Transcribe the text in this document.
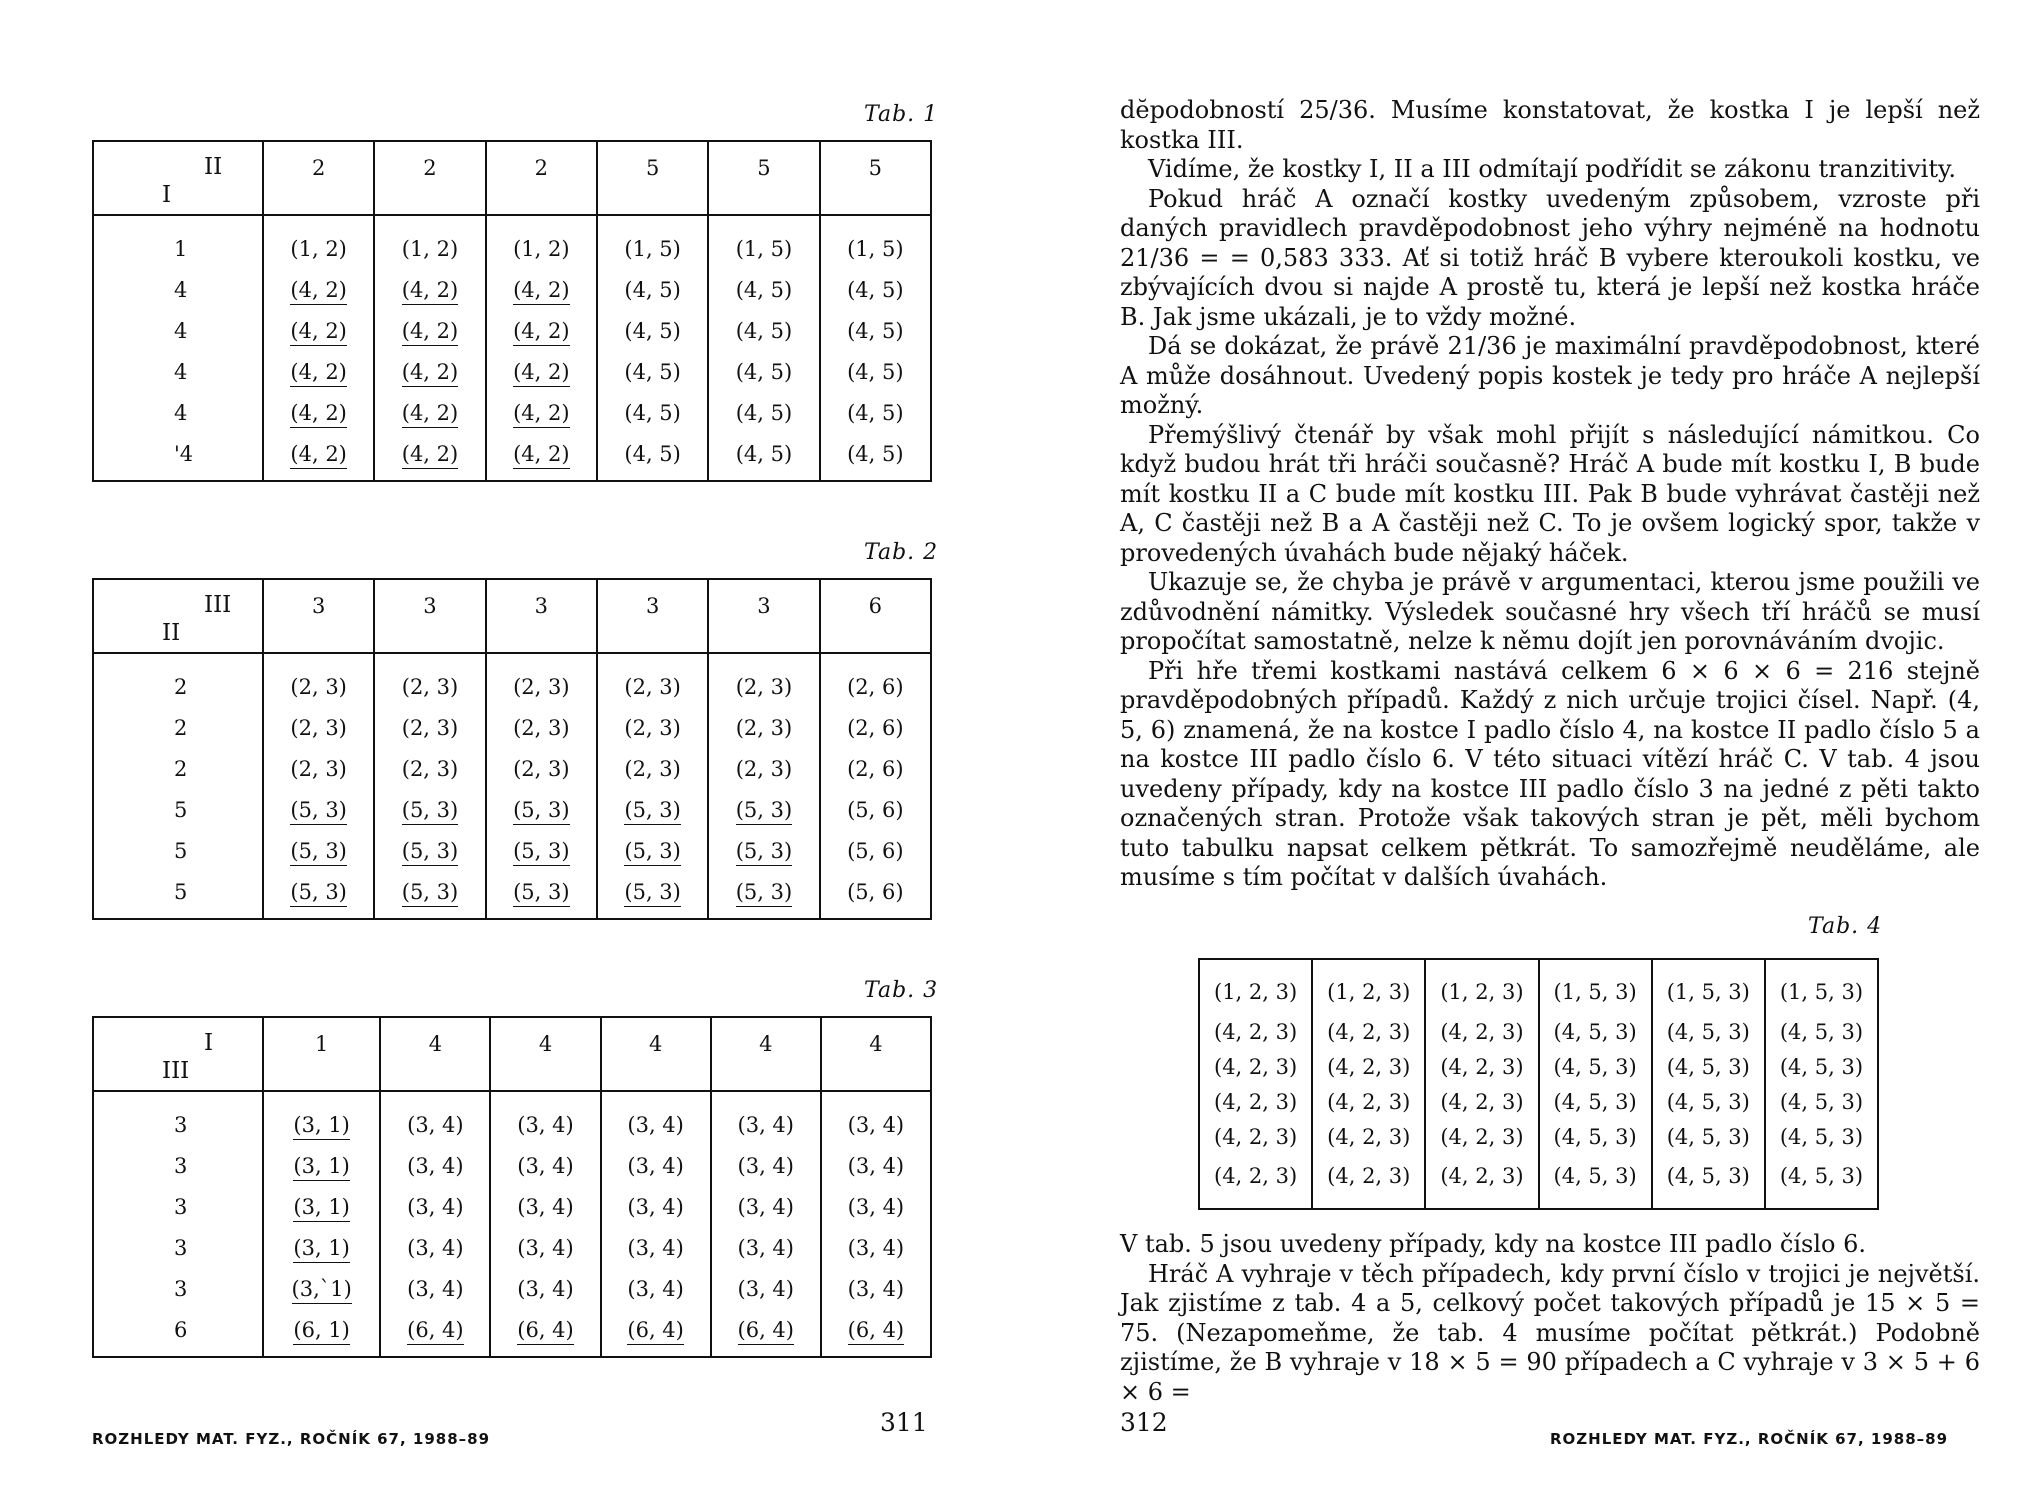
Tab. 1
II
I	2	2	2	5	5	5

1	(1, 2)	(1, 2)	(1, 2)	(1, 5)	(1, 5)	(1, 5)
4	(4, 2)	(4, 2)	(4, 2)	(4, 5)	(4, 5)	(4, 5)
4	(4, 2)	(4, 2)	(4, 2)	(4, 5)	(4, 5)	(4, 5)
4	(4, 2)	(4, 2)	(4, 2)	(4, 5)	(4, 5)	(4, 5)
4	(4, 2)	(4, 2)	(4, 2)	(4, 5)	(4, 5)	(4, 5)
'4	(4, 2)	(4, 2)	(4, 2)	(4, 5)	(4, 5)	(4, 5)
Tab. 2
III
II	3	3	3	3	3	6

2	(2, 3)	(2, 3)	(2, 3)	(2, 3)	(2, 3)	(2, 6)
2	(2, 3)	(2, 3)	(2, 3)	(2, 3)	(2, 3)	(2, 6)
2	(2, 3)	(2, 3)	(2, 3)	(2, 3)	(2, 3)	(2, 6)
5	(5, 3)	(5, 3)	(5, 3)	(5, 3)	(5, 3)	(5, 6)
5	(5, 3)	(5, 3)	(5, 3)	(5, 3)	(5, 3)	(5, 6)
5	(5, 3)	(5, 3)	(5, 3)	(5, 3)	(5, 3)	(5, 6)
Tab. 3
I
III	1	4	4	4	4	4

3	(3, 1)	(3, 4)	(3, 4)	(3, 4)	(3, 4)	(3, 4)
3	(3, 1)	(3, 4)	(3, 4)	(3, 4)	(3, 4)	(3, 4)
3	(3, 1)	(3, 4)	(3, 4)	(3, 4)	(3, 4)	(3, 4)
3	(3, 1)	(3, 4)	(3, 4)	(3, 4)	(3, 4)	(3, 4)
3	(3,`1)	(3, 4)	(3, 4)	(3, 4)	(3, 4)	(3, 4)
6	(6, 1)	(6, 4)	(6, 4)	(6, 4)	(6, 4)	(6, 4)
ROZHLEDY MAT. FYZ., ROČNÍK 67, 1988–89
311

dĕpodobností 25/36. Musíme konstatovat, že kostka I je lepší než kostka III.

Vidíme, že kostky I, II a III odmítají podřídit se zákonu tranzitivity.

Pokud hráč A označí kostky uvedeným způsobem, vzroste při daných pravidlech pravděpodobnost jeho výhry nejméně na hodnotu 21/36 = = 0,583 333. Ať si totiž hráč B vybere kteroukoli kostku, ve zbývajících dvou si najde A prostě tu, která je lepší než kostka hráče B. Jak jsme ukázali, je to vždy možné.

Dá se dokázat, že právě 21/36 je maximální pravděpodobnost, které A může dosáhnout. Uvedený popis kostek je tedy pro hráče A nejlepší možný.

Přemýšlivý čtenář by však mohl přijít s následující námitkou. Co když budou hrát tři hráči současně? Hráč A bude mít kostku I, B bude mít kostku II a C bude mít kostku III. Pak B bude vyhrávat častěji než A, C častěji než B a A častěji než C. To je ovšem logický spor, takže v provedených úvahách bude nějaký háček.

Ukazuje se, že chyba je právě v argumentaci, kterou jsme použili ve zdůvodnění námitky. Výsledek současné hry všech tří hráčů se musí propočítat samostatně, nelze k němu dojít jen porovnáváním dvojic.

Při hře třemi kostkami nastává celkem 6 × 6 × 6 = 216 stejně pravděpodobných případů. Každý z nich určuje trojici čísel. Např. (4, 5, 6) znamená, že na kostce I padlo číslo 4, na kostce II padlo číslo 5 a na kostce III padlo číslo 6. V této situaci vítězí hráč C. V tab. 4 jsou uvedeny případy, kdy na kostce III padlo číslo 3 na jedné z pěti takto označených stran. Protože však takových stran je pět, měli bychom tuto tabulku napsat celkem pětkrát. To samozřejmě neuděláme, ale musíme s tím počítat v dalších úvahách.

Tab. 4
(1, 2, 3)	(1, 2, 3)	(1, 2, 3)	(1, 5, 3)	(1, 5, 3)	(1, 5, 3)
(4, 2, 3)	(4, 2, 3)	(4, 2, 3)	(4, 5, 3)	(4, 5, 3)	(4, 5, 3)
(4, 2, 3)	(4, 2, 3)	(4, 2, 3)	(4, 5, 3)	(4, 5, 3)	(4, 5, 3)
(4, 2, 3)	(4, 2, 3)	(4, 2, 3)	(4, 5, 3)	(4, 5, 3)	(4, 5, 3)
(4, 2, 3)	(4, 2, 3)	(4, 2, 3)	(4, 5, 3)	(4, 5, 3)	(4, 5, 3)
(4, 2, 3)	(4, 2, 3)	(4, 2, 3)	(4, 5, 3)	(4, 5, 3)	(4, 5, 3)

V tab. 5 jsou uvedeny případy, kdy na kostce III padlo číslo 6.

Hráč A vyhraje v těch případech, kdy první číslo v trojici je největší. Jak zjistíme z tab. 4 a 5, celkový počet takových případů je 15 × 5 = 75. (Nezapomeňme, že tab. 4 musíme počítat pětkrát.) Podobně zjistíme, že B vyhraje v 18 × 5 = 90 případech a C vyhraje v 3 × 5 + 6 × 6 =

312
ROZHLEDY MAT. FYZ., ROČNÍK 67, 1988–89
